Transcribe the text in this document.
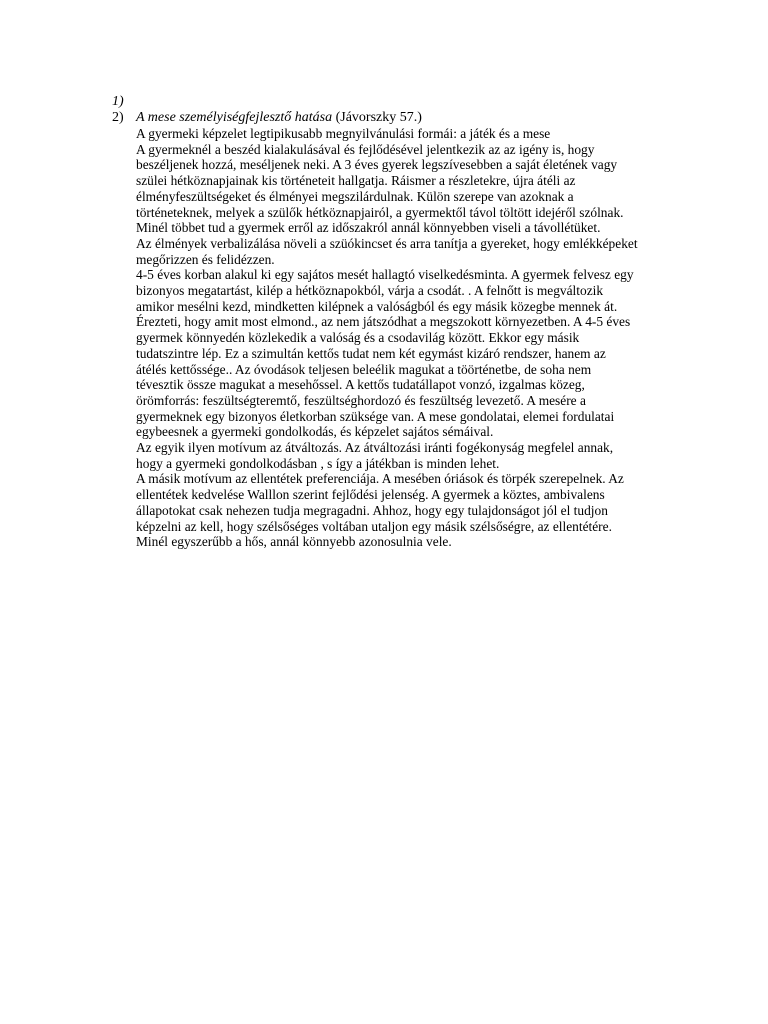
1)
2) A mese személyiségfejlesztő hatása (Jávorszky 57.)
A gyermeki képzelet legtipikusabb megnyilvánulási formái: a játék és a mese
A gyermeknél a beszéd kialakulásával és fejlődésével jelentkezik az az igény is, hogy
beszéljenek hozzá, meséljenek neki. A 3 éves gyerek legszívesebben a saját életének vagy
szülei hétköznapjainak kis történeteit hallgatja. Ráismer a részletekre, újra átéli az
élményfeszültségeket és élményei megszilárdulnak. Külön szerepe van azoknak a
történeteknek, melyek a szülők hétköznapjairól, a gyermektől távol töltött idejéről szólnak.
Minél többet tud a gyermek erről az időszakról annál könnyebben viseli a távollétüket.
Az élmények verbalizálása növeli a szüókincset és arra tanítja a gyereket, hogy emlékképeket
megőrizzen és felidézzen.
4-5 éves korban alakul ki egy sajátos mesét hallagtó viselkedésminta. A gyermek felvesz egy
bizonyos megatartást, kilép a hétköznapokból, várja a csodát. . A felnőtt is megváltozik
amikor mesélni kezd, mindketten kilépnek a valóságból és egy másik közegbe mennek át.
Érezteti, hogy amit most elmond., az nem játszódhat a megszokott környezetben. A 4-5 éves
gyermek könnyedén közlekedik a valóság és a csodavilág között. Ekkor egy másik
tudatszintre lép. Ez a szimultán kettős tudat nem két egymást kizáró rendszer, hanem az
átélés kettőssége.. Az óvodások teljesen beleélik magukat a töörténetbe, de soha nem
tévesztik össze magukat a mesehőssel. A kettős tudatállapot vonzó, izgalmas közeg,
örömforrás: feszültségteremtő, feszültséghordozó és feszültség levezető. A mesére a
gyermeknek egy bizonyos életkorban szüksége van. A mese gondolatai, elemei fordulatai
egybeesnek a gyermeki gondolkodás, és képzelet sajátos sémáival.
Az egyik ilyen motívum az átváltozás. Az átváltozási iránti fogékonyság megfelel annak,
hogy a gyermeki gondolkodásban , s így a játékban is minden lehet.
A másik motívum az ellentétek preferenciája. A mesében óriások és törpék szerepelnek. Az
ellentétek kedvelése Walllon szerint fejlődési jelenség. A gyermek a köztes, ambivalens
állapotokat csak nehezen tudja megragadni. Ahhoz, hogy egy tulajdonságot jól el tudjon
képzelni az kell, hogy szélsőséges voltában utaljon egy másik szélsőségre, az ellentétére.
Minél egyszerűbb a hős, annál könnyebb azonosulnia vele.
